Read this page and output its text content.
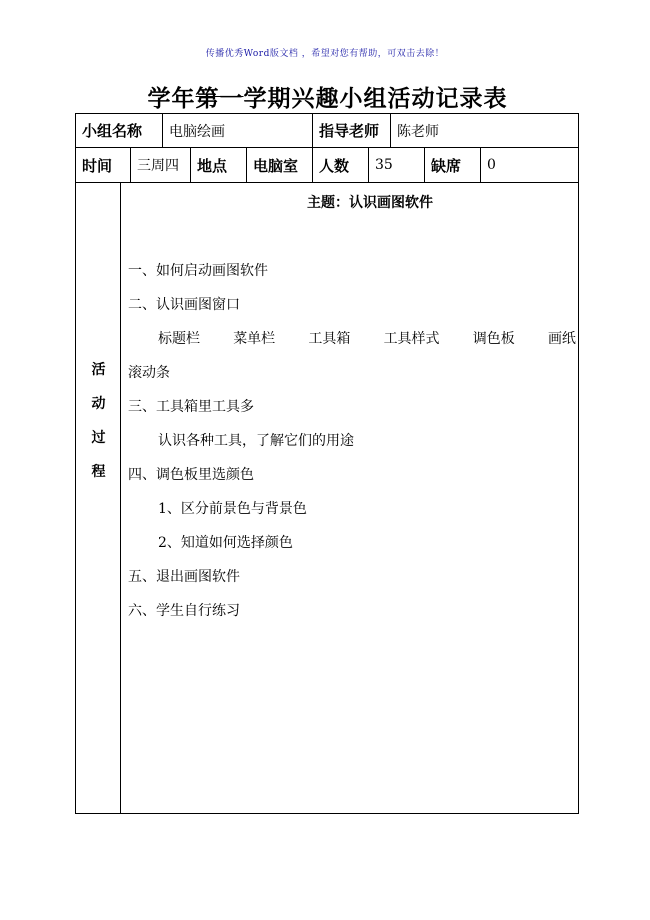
传播优秀Word版文档 ，希望对您有帮助，可双击去除！
学年第一学期兴趣小组活动记录表
小组名称	电脑绘画	指导老师	陈老师
时间	三周四	地点	电脑室	人数	35	缺席	0
活
动
过
程
主题：认识画图软件
一、如何启动画图软件
二、认识画图窗口
标题栏 菜单栏 工具箱 工具样式 调色板 画纸
滚动条
三、工具箱里工具多
认识各种工具，了解它们的用途
四、调色板里选颜色
1、区分前景色与背景色
2、知道如何选择颜色
五、退出画图软件
六、学生自行练习
